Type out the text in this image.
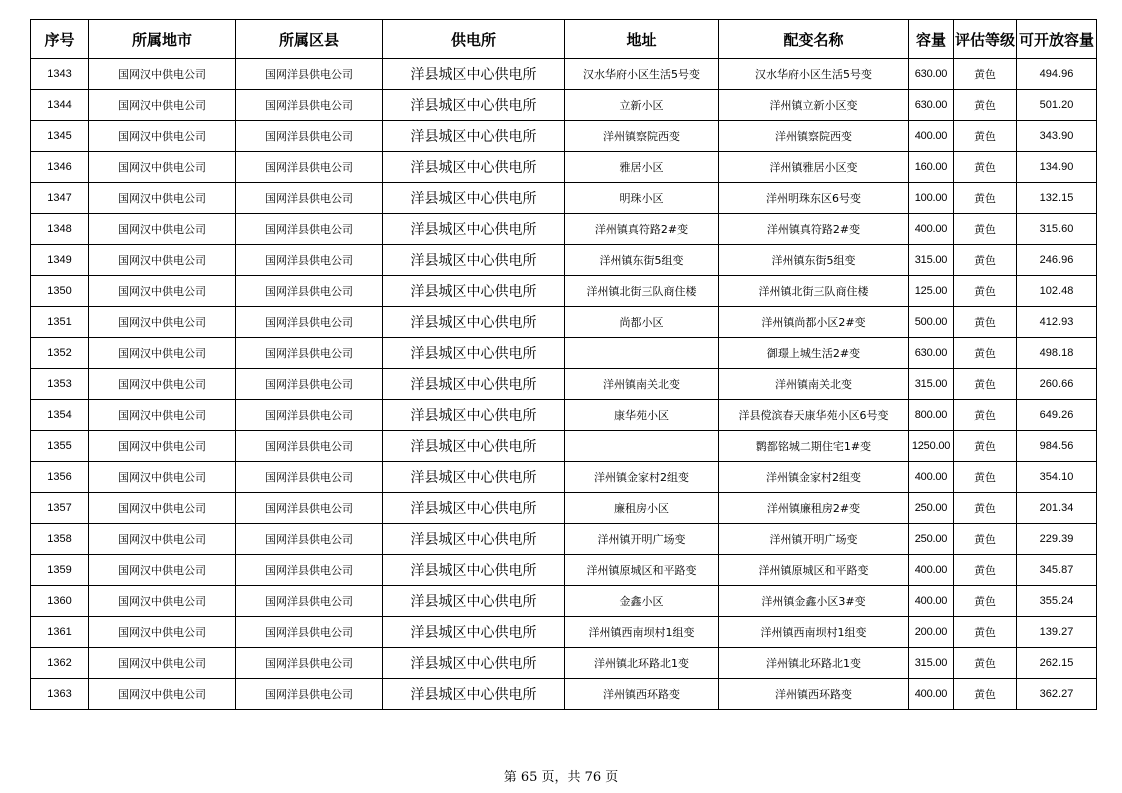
序号	所属地市	所属区县	供电所	地址	配变名称	容量	评估等级	可开放容量
1343	国网汉中供电公司	国网洋县供电公司	洋县城区中心供电所	汉水华府小区生活5号变	汉水华府小区生活5号变	630.00	黄色	494.96
1344	国网汉中供电公司	国网洋县供电公司	洋县城区中心供电所	立新小区	洋州镇立新小区变	630.00	黄色	501.20
1345	国网汉中供电公司	国网洋县供电公司	洋县城区中心供电所	洋州镇察院西变	洋州镇察院西变	400.00	黄色	343.90
1346	国网汉中供电公司	国网洋县供电公司	洋县城区中心供电所	雅居小区	洋州镇雅居小区变	160.00	黄色	134.90
1347	国网汉中供电公司	国网洋县供电公司	洋县城区中心供电所	明珠小区	洋州明珠东区6号变	100.00	黄色	132.15
1348	国网汉中供电公司	国网洋县供电公司	洋县城区中心供电所	洋州镇真符路2#变	洋州镇真符路2#变	400.00	黄色	315.60
1349	国网汉中供电公司	国网洋县供电公司	洋县城区中心供电所	洋州镇东街5组变	洋州镇东街5组变	315.00	黄色	246.96
1350	国网汉中供电公司	国网洋县供电公司	洋县城区中心供电所	洋州镇北街三队商住楼	洋州镇北街三队商住楼	125.00	黄色	102.48
1351	国网汉中供电公司	国网洋县供电公司	洋县城区中心供电所	尚都小区	洋州镇尚都小区2#变	500.00	黄色	412.93
1352	国网汉中供电公司	国网洋县供电公司	洋县城区中心供电所		御璟上城生活2#变	630.00	黄色	498.18
1353	国网汉中供电公司	国网洋县供电公司	洋县城区中心供电所	洋州镇南关北变	洋州镇南关北变	315.00	黄色	260.66
1354	国网汉中供电公司	国网洋县供电公司	洋县城区中心供电所	康华苑小区	洋县傥滨春天康华苑小区6号变	800.00	黄色	649.26
1355	国网汉中供电公司	国网洋县供电公司	洋县城区中心供电所		鹮都铭城二期住宅1#变	1250.00	黄色	984.56
1356	国网汉中供电公司	国网洋县供电公司	洋县城区中心供电所	洋州镇金家村2组变	洋州镇金家村2组变	400.00	黄色	354.10
1357	国网汉中供电公司	国网洋县供电公司	洋县城区中心供电所	廉租房小区	洋州镇廉租房2#变	250.00	黄色	201.34
1358	国网汉中供电公司	国网洋县供电公司	洋县城区中心供电所	洋州镇开明广场变	洋州镇开明广场变	250.00	黄色	229.39
1359	国网汉中供电公司	国网洋县供电公司	洋县城区中心供电所	洋州镇原城区和平路变	洋州镇原城区和平路变	400.00	黄色	345.87
1360	国网汉中供电公司	国网洋县供电公司	洋县城区中心供电所	金鑫小区	洋州镇金鑫小区3#变	400.00	黄色	355.24
1361	国网汉中供电公司	国网洋县供电公司	洋县城区中心供电所	洋州镇西南坝村1组变	洋州镇西南坝村1组变	200.00	黄色	139.27
1362	国网汉中供电公司	国网洋县供电公司	洋县城区中心供电所	洋州镇北环路北1变	洋州镇北环路北1变	315.00	黄色	262.15
1363	国网汉中供电公司	国网洋县供电公司	洋县城区中心供电所	洋州镇西环路变	洋州镇西环路变	400.00	黄色	362.27
第 65 页，共 76 页
